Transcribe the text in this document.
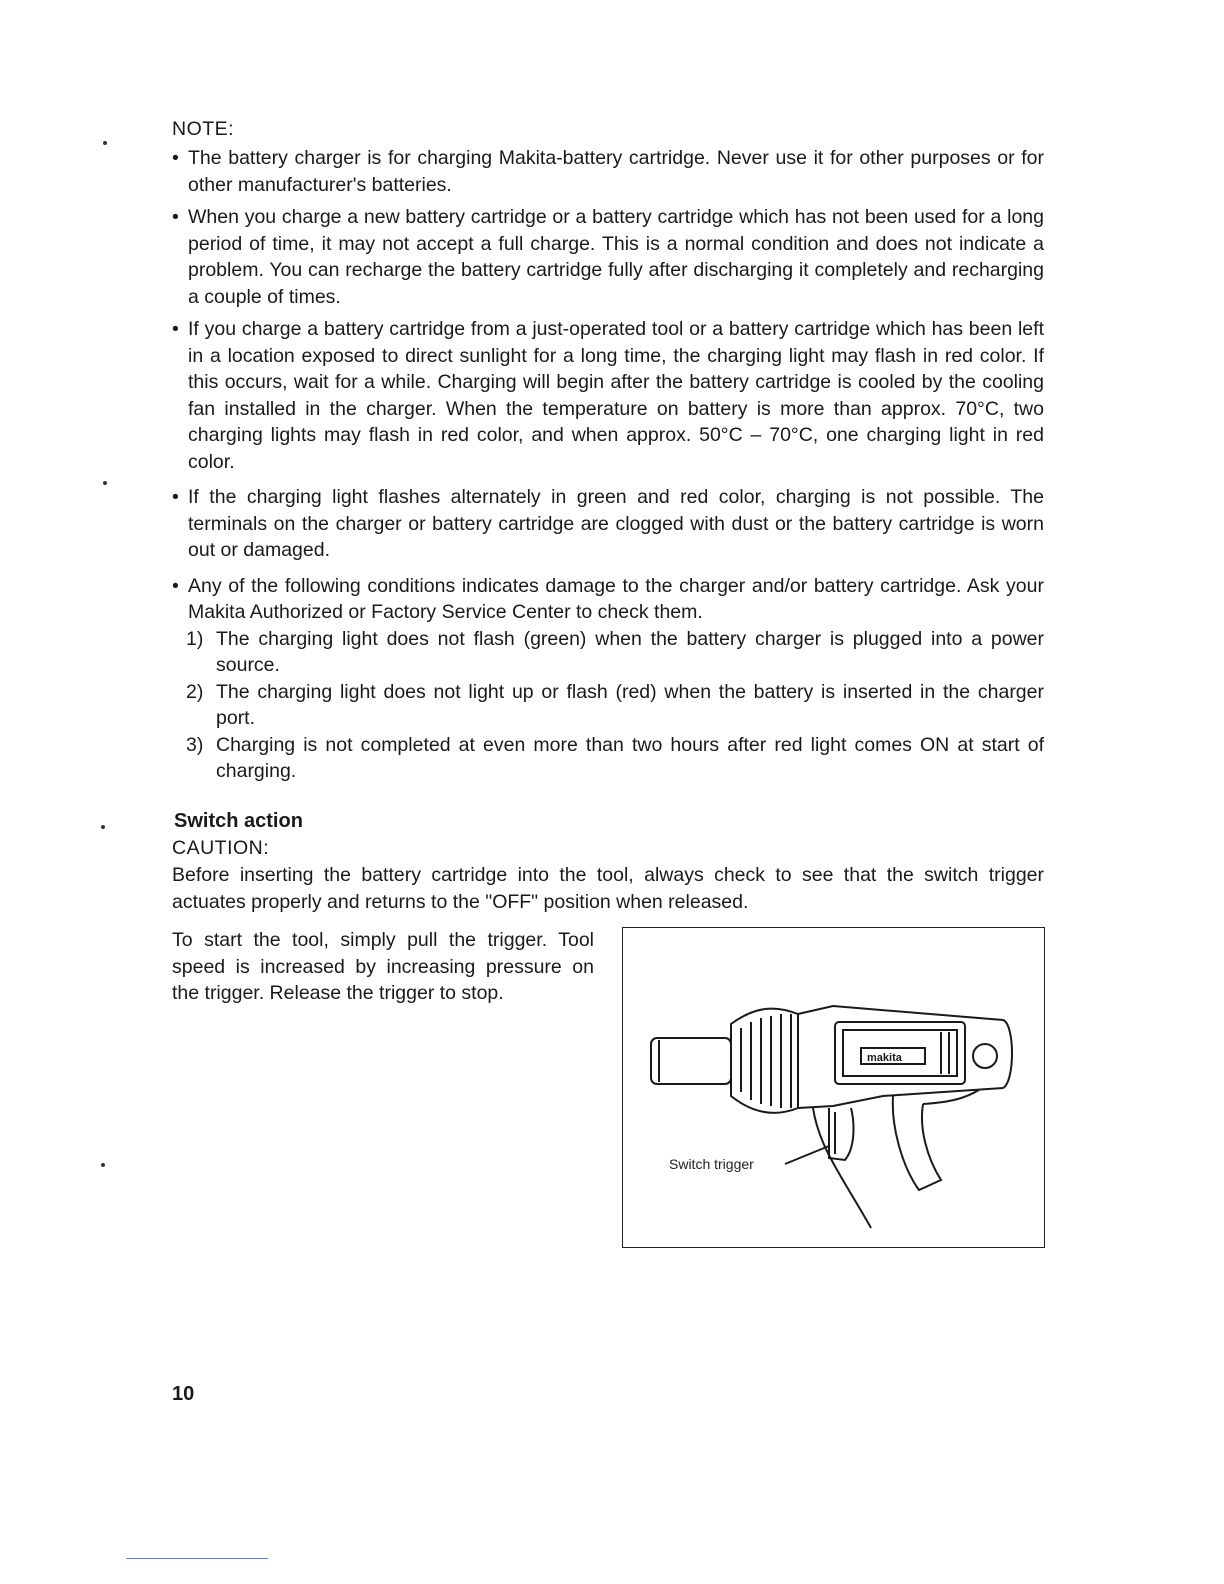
NOTE:

• The battery charger is for charging Makita-battery cartridge. Never use it for other purposes or for other manufacturer's batteries.

• When you charge a new battery cartridge or a battery cartridge which has not been used for a long period of time, it may not accept a full charge. This is a normal condition and does not indicate a problem. You can recharge the battery cartridge fully after discharging it completely and recharging a couple of times.

• If you charge a battery cartridge from a just-operated tool or a battery cartridge which has been left in a location exposed to direct sunlight for a long time, the charging light may flash in red color. If this occurs, wait for a while. Charging will begin after the battery cartridge is cooled by the cooling fan installed in the charger. When the temperature on battery is more than approx. 70°C, two charging lights may flash in red color, and when approx. 50°C – 70°C, one charging light in red color.

• If the charging light flashes alternately in green and red color, charging is not possible. The terminals on the charger or battery cartridge are clogged with dust or the battery cartridge is worn out or damaged.

• Any of the following conditions indicates damage to the charger and/or battery cartridge. Ask your Makita Authorized or Factory Service Center to check them.

1) The charging light does not flash (green) when the battery charger is plugged into a power source.

2) The charging light does not light up or flash (red) when the battery is inserted in the charger port.

3) Charging is not completed at even more than two hours after red light comes ON at start of charging.

Switch action
CAUTION:

Before inserting the battery cartridge into the tool, always check to see that the switch trigger actuates properly and returns to the "OFF" position when released.

To start the tool, simply pull the trigger. Tool speed is increased by increasing pressure on the trigger. Release the trigger to stop.

makita
Switch trigger
10
